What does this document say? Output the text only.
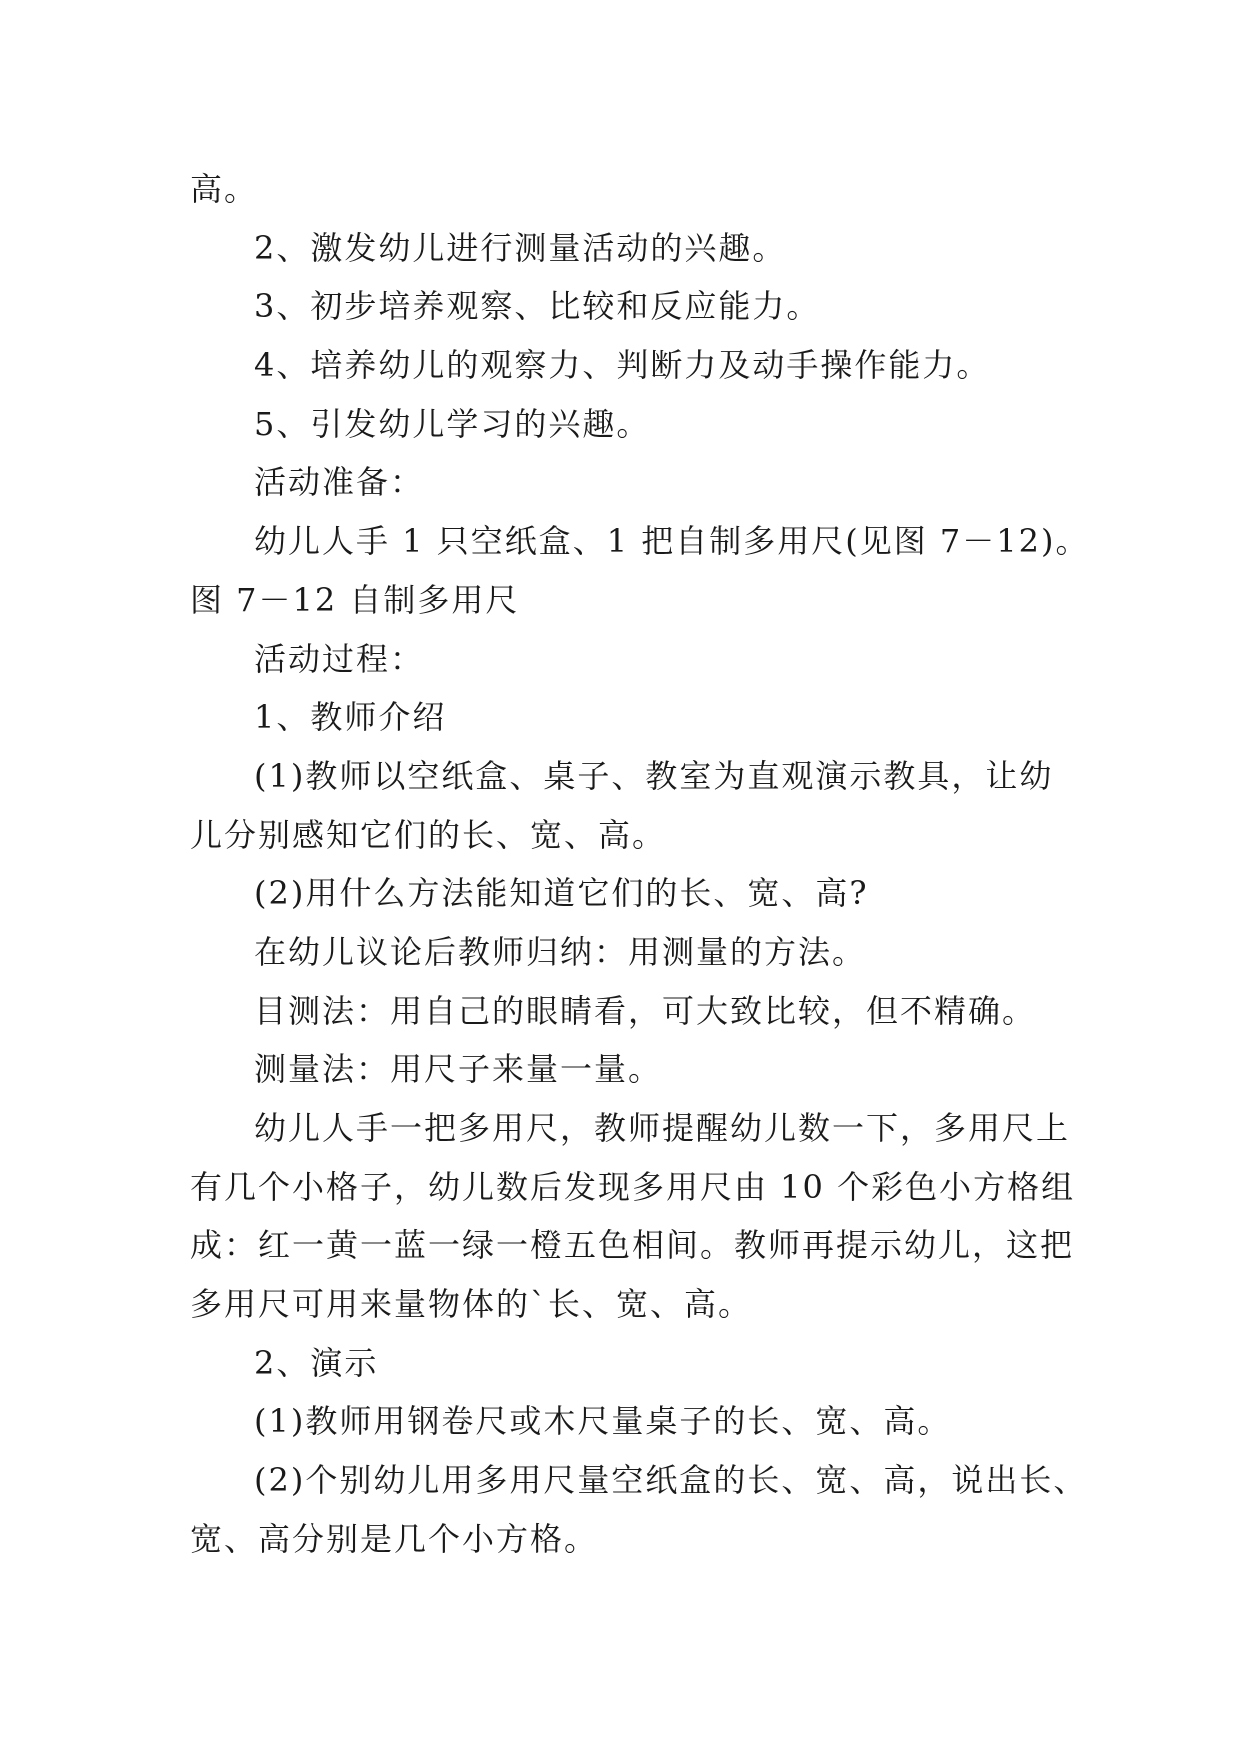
高。
2、激发幼儿进行测量活动的兴趣。
3、初步培养观察、比较和反应能力。
4、培养幼儿的观察力、判断力及动手操作能力。
5、引发幼儿学习的兴趣。
活动准备：
幼儿人手 1 只空纸盒、1 把自制多用尺(见图 7－12)。
图 7－12 自制多用尺
活动过程：
1、教师介绍
(1)教师以空纸盒、桌子、教室为直观演示教具，让幼
儿分别感知它们的长、宽、高。
(2)用什么方法能知道它们的长、宽、高?
在幼儿议论后教师归纳：用测量的方法。
目测法：用自己的眼睛看，可大致比较，但不精确。
测量法：用尺子来量一量。
幼儿人手一把多用尺，教师提醒幼儿数一下，多用尺上
有几个小格子，幼儿数后发现多用尺由 10 个彩色小方格组
成：红一黄一蓝一绿一橙五色相间。教师再提示幼儿，这把
多用尺可用来量物体的`长、宽、高。
2、演示
(1)教师用钢卷尺或木尺量桌子的长、宽、高。
(2)个别幼儿用多用尺量空纸盒的长、宽、高，说出长、
宽、高分别是几个小方格。
